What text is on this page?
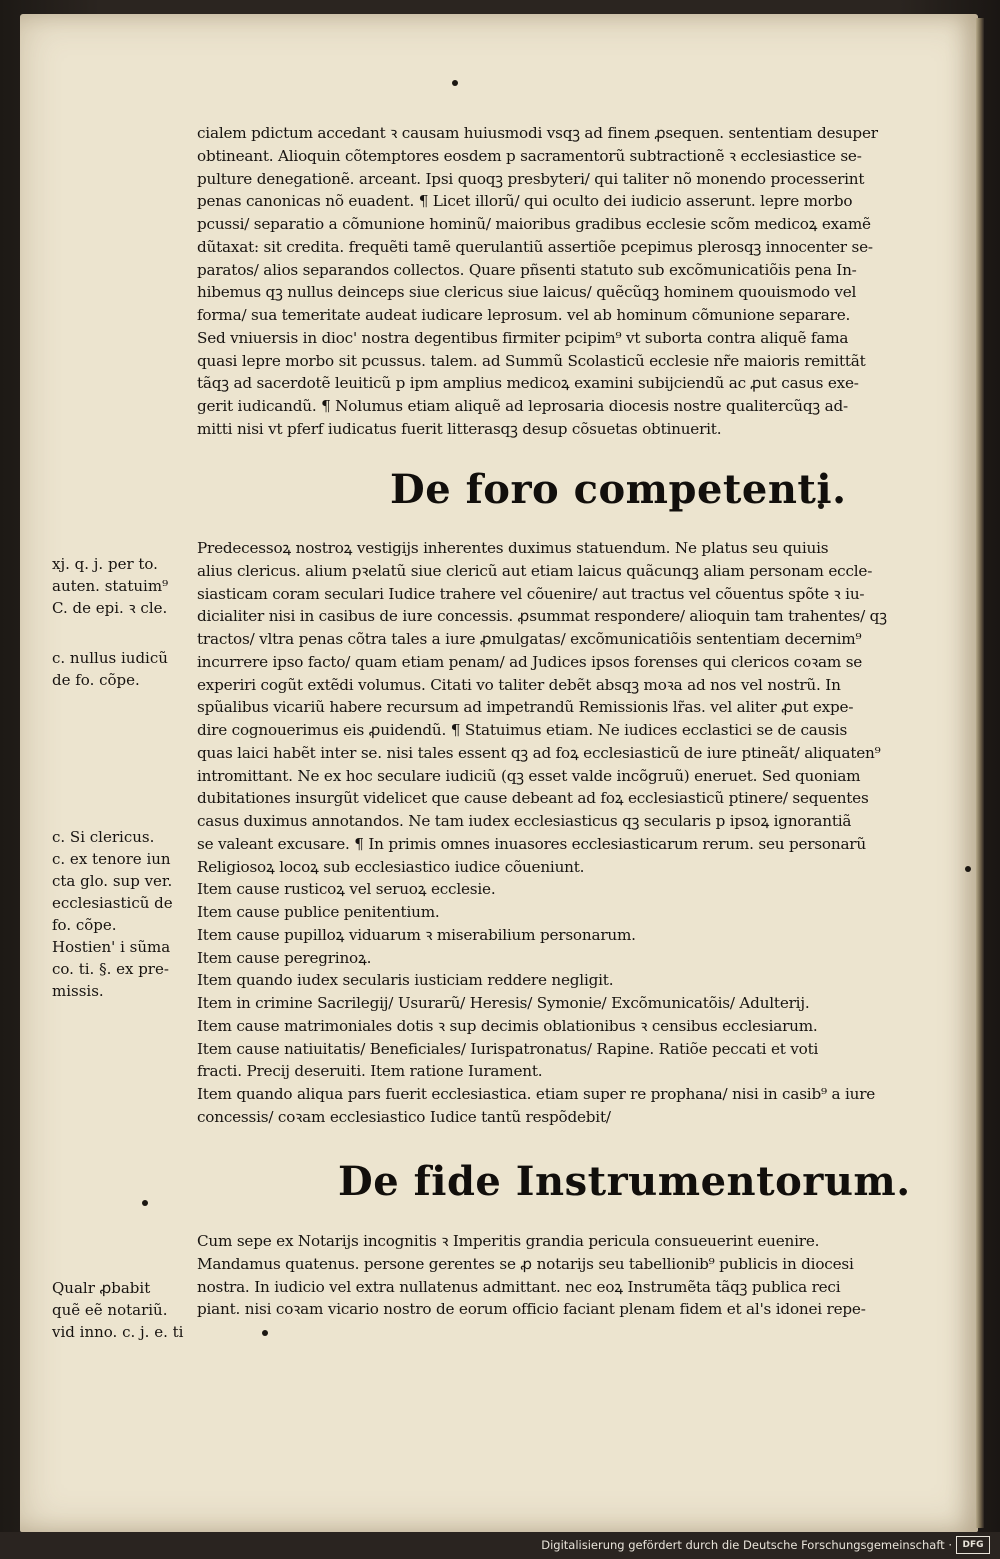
cialem pdictum accedant ꝛ causam huiusmodi vsqꝫ ad finem ꝓsequen. sententiam desuper
obtineant. Alioquin cõtemptores eosdem p sacramentorũ subtractionẽ ꝛ ecclesiastice se-
pulture denegationẽ. arceant. Ipsi quoqꝫ presbyteri/ qui taliter nõ monendo processerint
penas canonicas nõ euadent. ¶ Licet illorũ/ qui oculto dei iudicio asserunt. lepre morbo
pcussi/ separatio a cõmunione hominũ/ maioribus gradibus ecclesie scõm medicoꝝ examẽ
dũtaxat: sit credita. frequẽti tamẽ querulantiũ assertiõe pcepimus plerosqꝫ innocenter se-
paratos/ alios separandos collectos. Quare pñsenti statuto sub excõmunicatiõis pena In-
hibemus qꝫ nullus deinceps siue clericus siue laicus/ quẽcũqꝫ hominem quouismodo vel
forma/ sua temeritate audeat iudicare leprosum. vel ab hominum cõmunione separare.
Sed vniuersis in dioc' nostra degentibus firmiter pcipim⁹ vt suborta contra aliquẽ fama
quasi lepre morbo sit pcussus. talem. ad Summũ Scolasticũ ecclesie nr̃e maioris remittãt
tãqꝫ ad sacerdotẽ leuiticũ p ipm amplius medicoꝝ examini subijciendũ ac ꝓut casus exe-
gerit iudicandũ. ¶ Nolumus etiam aliquẽ ad leprosaria diocesis nostre qualitercũqꝫ ad-
mitti nisi vt pferf iudicatus fuerit litterasqꝫ desup cõsuetas obtinuerit.
De foro competenti.
Predecessoꝝ nostroꝝ vestigijs inherentes duximus statuendum. Ne platus seu quiuis
alius clericus. alium pꝛelatũ siue clericũ aut etiam laicus quãcunqꝫ aliam personam eccle-
siasticam coram seculari Iudice trahere vel cõuenire/ aut tractus vel cõuentus spõte ꝛ iu-
dicialiter nisi in casibus de iure concessis. ꝓsummat respondere/ alioquin tam trahentes/ qꝫ
tractos/ vltra penas cõtra tales a iure ꝓmulgatas/ excõmunicatiõis sententiam decernim⁹
incurrere ipso facto/ quam etiam penam/ ad Judices ipsos forenses qui clericos coꝛam se
experiri cogũt extẽdi volumus. Citati vo taliter debẽt absqꝫ moꝛa ad nos vel nostrũ. In
spũalibus vicariũ habere recursum ad impetrandũ Remissionis lr̃as. vel aliter ꝓut expe-
dire cognouerimus eis ꝓuidendũ. ¶ Statuimus etiam. Ne iudices ecclastici se de causis
quas laici habẽt inter se. nisi tales essent qꝫ ad foꝝ ecclesiasticũ de iure ptineãt/ aliquaten⁹
intromittant. Ne ex hoc seculare iudiciũ (qꝫ esset valde incõgruũ) eneruet. Sed quoniam
dubitationes insurgũt videlicet que cause debeant ad foꝝ ecclesiasticũ ptinere/ sequentes
casus duximus annotandos. Ne tam iudex ecclesiasticus qꝫ secularis p ipsoꝝ ignorantiã
se valeant excusare. ¶ In primis omnes inuasores ecclesiasticarum rerum. seu personarũ
Religiosoꝝ locoꝝ sub ecclesiastico iudice cõueniunt.
Item cause rusticoꝝ vel seruoꝝ ecclesie.
Item cause publice penitentium.
Item cause pupilloꝝ viduarum ꝛ miserabilium personarum.
Item cause peregrinoꝝ.
Item quando iudex secularis iusticiam reddere negligit.
Item in crimine Sacrilegij/ Usurarũ/ Heresis/ Symonie/ Excõmunicatõis/ Adulterij.
Item cause matrimoniales dotis ꝛ sup decimis oblationibus ꝛ censibus ecclesiarum.
Item cause natiuitatis/ Beneficiales/ Iurispatronatus/ Rapine. Ratiõe peccati et voti
fracti. Precij deseruiti. Item ratione Iurament.
Item quando aliqua pars fuerit ecclesiastica. etiam super re prophana/ nisi in casib⁹ a iure
concessis/ coꝛam ecclesiastico Iudice tantũ respõdebit/
De fide Instrumentorum.
Cum sepe ex Notarijs incognitis ꝛ Imperitis grandia pericula consueuerint euenire.
Mandamus quatenus. persone gerentes se ꝓ notarijs seu tabellionib⁹ publicis in diocesi
nostra. In iudicio vel extra nullatenus admittant. nec eoꝝ Instrumẽta tãqꝫ publica reci
piant. nisi coꝛam vicario nostro de eorum officio faciant plenam fidem et al's idonei repe-
xj. q. j. per to.
auten. statuim⁹
C. de epi. ꝛ cle.
c. nullus iudicũ
de fo. cõpe.
c. Si clericus.
c. ex tenore iun
cta glo. sup ver.
ecclesiasticũ de
fo. cõpe.
Hostien' i sũma
co. ti. §. ex pre-
missis.
Qualr ꝓbabit
quẽ eẽ notariũ.
vid inno. c. j. e. ti
Digitalisierung gefördert durch die Deutsche Forschungsgemeinschaft ·	DFG
